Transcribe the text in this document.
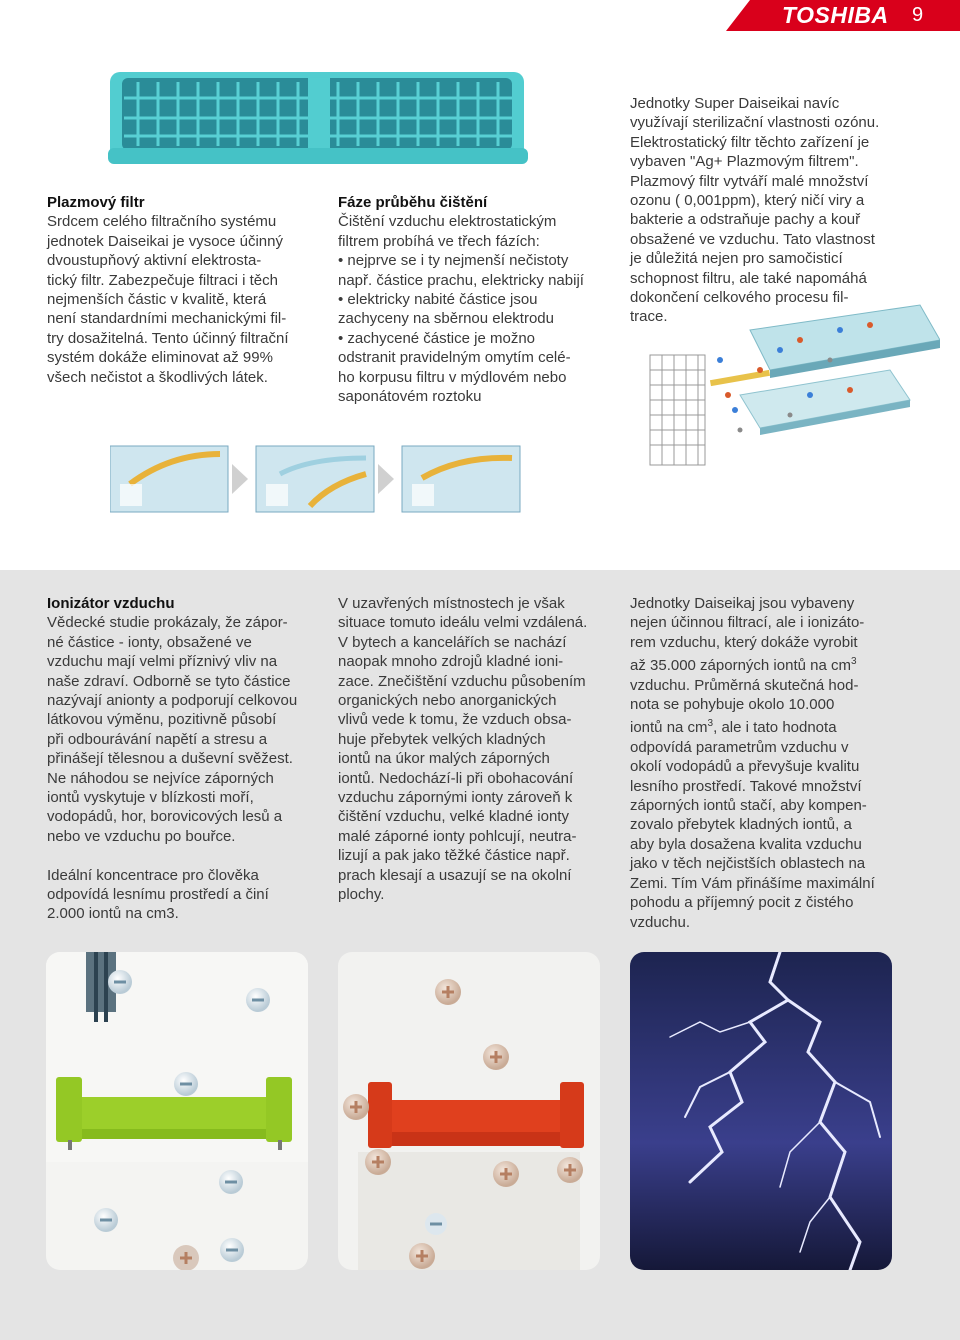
TOSHIBA 9

Plazmový filtr

Srdcem celého filtračního systému

jednotek Daiseikai je vysoce účinný

dvoustupňový aktivní elektrosta-

tický filtr. Zabezpečuje filtraci i těch

nejmenších částic v kvalitě, která

není standardními mechanickými fil-

try dosažitelná. Tento účinný filtrační

systém dokáže eliminovat až 99%

všech nečistot a škodlivých látek.

Fáze průběhu čištění

Čištění vzduchu elektrostatickým

filtrem probíhá ve třech fázích:

• nejprve se i ty nejmenší nečistoty

např. částice prachu, elektricky nabijí

• elektricky nabité částice jsou

zachyceny na sběrnou elektrodu

• zachycené částice je možno

odstranit pravidelným omytím celé-

ho korpusu filtru v mýdlovém nebo

saponátovém roztoku

Jednotky Super Daiseikai navíc

využívají sterilizační vlastnosti ozónu.

Elektrostatický filtr těchto zařízení je

vybaven "Ag+ Plazmovým filtrem".

Plazmový filtr vytváří malé množství

ozonu ( 0,001ppm), který ničí viry a

bakterie a odstraňuje pachy a kouř

obsažené ve vzduchu. Tato vlastnost

je důležitá nejen pro samočisticí

schopnost filtru, ale také napomáhá

dokončení celkového procesu fil-

trace.

Ionizátor vzduchu

Vědecké studie prokázaly, že zápor-

né částice - ionty, obsažené ve

vzduchu mají velmi příznivý vliv na

naše zdraví. Odborně se tyto částice

nazývají anionty a podporují celkovou

látkovou výměnu, pozitivně působí

při odbourávání napětí a stresu a

přinášejí tělesnou a duševní svěžest.

Ne náhodou se nejvíce záporných

iontů vyskytuje v blízkosti moří,

vodopádů, hor, borovicových lesů a

nebo ve vzduchu po bouřce.

Ideální koncentrace pro člověka

odpovídá lesnímu prostředí a činí

2.000 iontů na cm3.

V uzavřených místnostech je však

situace tomuto ideálu velmi vzdálená.

V bytech a kancelářích se nachází

naopak mnoho zdrojů kladné ioni-

zace. Znečištění vzduchu působením

organických nebo anorganických

vlivů vede k tomu, že vzduch obsa-

huje přebytek velkých kladných

iontů na úkor malých záporných

iontů. Nedochází-li při obohacování

vzduchu zápornými ionty zároveň k

čištění vzduchu, velké kladné ionty

malé záporné ionty pohlcují, neutra-

lizují a pak jako těžké částice např.

prach klesají a usazují se na okolní

plochy.

Jednotky Daiseikaj jsou vybaveny

nejen účinnou filtrací, ale i ionizáto-

rem vzduchu, který dokáže vyrobit

až 35.000 záporných iontů na $cm^3$

vzduchu. Průměrná skutečná hod-

nota se pohybuje okolo 10.000

iontů na $cm^3$, ale i tato hodnota

odpovídá parametrům vzduchu v

okolí vodopádů a převyšuje kvalitu

lesního prostředí. Takové množství

záporných iontů stačí, aby kompen-

zovalo přebytek kladných iontů, a

aby byla dosažena kvalita vzduchu

jako v těch nejčistších oblastech na

Zemi. Tím Vám přinášíme maximální

pohodu a příjemný pocit z čistého

vzduchu.
